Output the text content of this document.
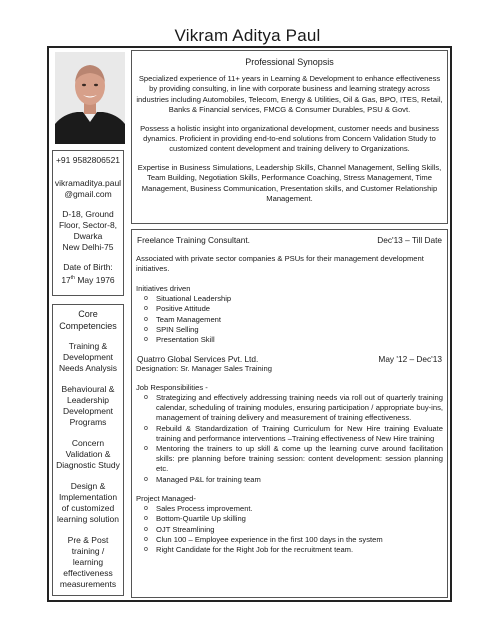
Vikram Aditya Paul
+91 9582806521
vikramaditya.paul
@gmail.com
D-18, Ground
Floor, Sector-8,
Dwarka
New Delhi-75
Date of Birth:
17th May 1976
Core
Competencies
Training &
Development
Needs Analysis
Behavioural &
Leadership
Development
Programs
Concern
Validation &
Diagnostic Study
Design &
Implementation
of customized
learning solution
Pre & Post
training /
learning
effectiveness
measurements
Professional Synopsis
Specialized experience of 11+ years in Learning & Development to enhance effectiveness by providing consulting, in line with corporate business and learning strategy across industries including Automobiles, Telecom, Energy & Utilities, Oil & Gas, BPO, ITES, Retail, Banks & Financial services, FMCG & Consumer Durables, PSU & Govt.
Possess a holistic insight into organizational development, customer needs and business dynamics. Proficient in providing end-to-end solutions from Concern Validation Study to customized content development and training delivery to Organizations.
Expertise in Business Simulations, Leadership Skills, Channel Management, Selling Skills, Team Building, Negotiation Skills, Performance Coaching, Stress Management, Time Management, Business Communication, Presentation skills, and Customer Relationship Management.
Freelance Training Consultant.	Dec'13 – Till Date
Associated with private sector companies & PSUs for their management development initiatives.
Initiatives driven
o Situational Leadership
o Positive Attitude
o Team Management
o SPIN Selling
o Presentation Skill
Quatrro Global Services Pvt. Ltd.	May '12 – Dec'13
Designation: Sr. Manager Sales Training
Job Responsibilities -
o Strategizing and effectively addressing training needs via roll out of quarterly training calendar, scheduling of training modules, ensuring participation / appropriate buy-ins, management of training delivery and measurement of training effectiveness.
o Rebuild & Standardization of Training Curriculum for New Hire training Evaluate training and performance interventions –Training effectiveness of New Hire training
o Mentoring the trainers to up skill & come up the learning curve around facilitation skills: pre planning before training session: content development: session planning etc.
o Managed P&L for training team
Project Managed-
o Sales Process improvement.
o Bottom-Quartile Up skilling
o OJT Streamlining
o Clun 100 – Employee experience in the first 100 days in the system
o Right Candidate for the Right Job for the recruitment team.
